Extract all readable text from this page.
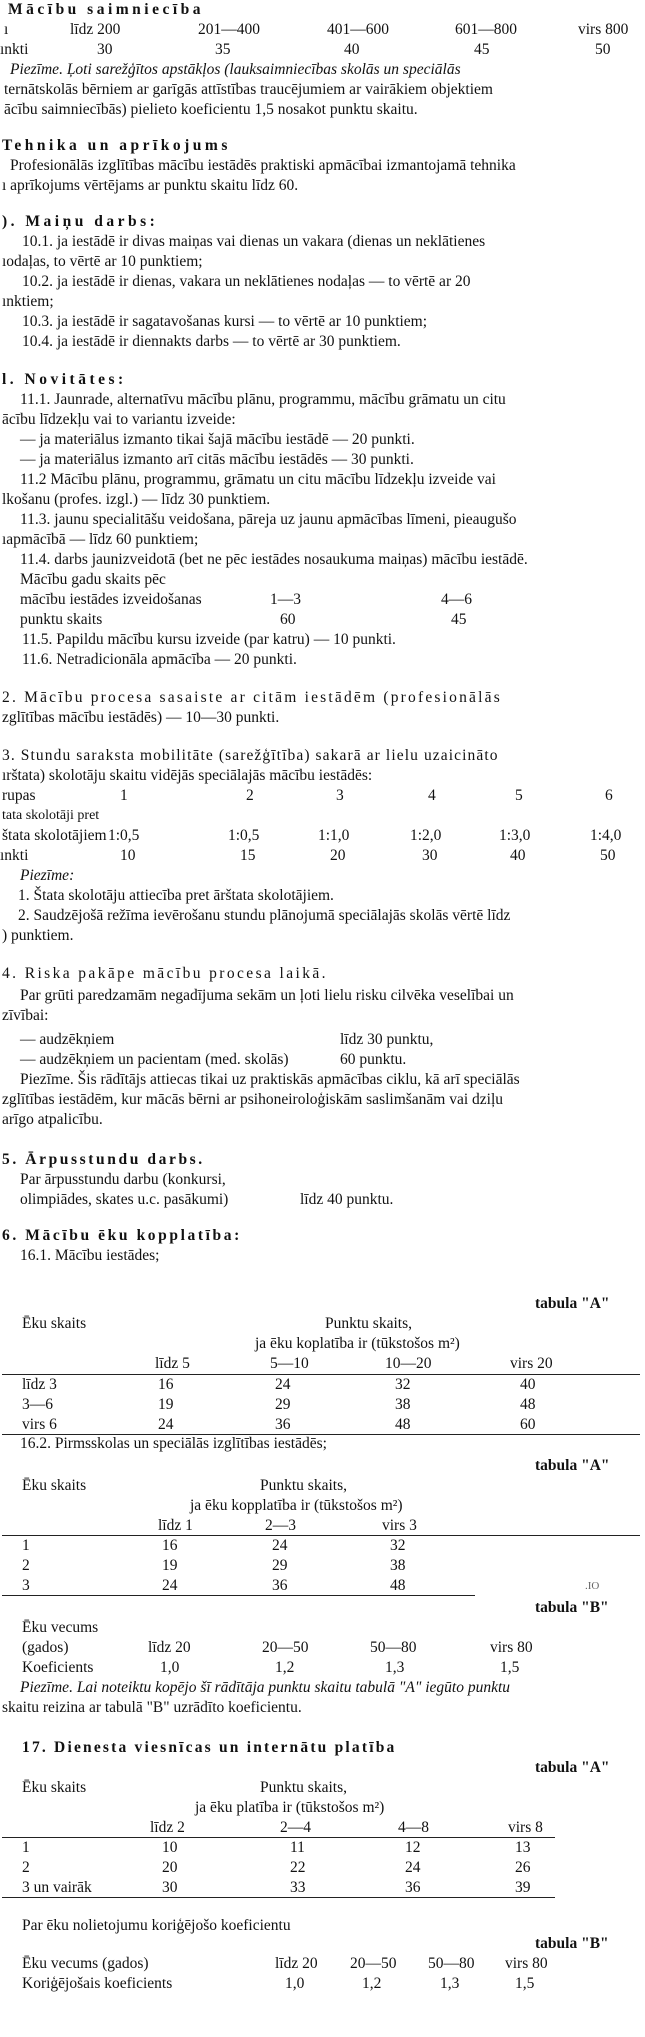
Mācību saimniecība
ı	līdz 200	201—400	401—600	601—800	virs 800
ınkti	30	35	40	45	50
Piezīme. Ļoti sarežģītos apstākļos (lauksaimniecības skolās un speciālās
ternātskolās bērniem ar garīgās attīstības traucējumiem ar vairākiem objektiem
ācību saimniecībās) pielieto koeficientu 1,5 nosakot punktu skaitu.
Tehnika un aprīkojums
Profesionālās izglītības mācību iestādēs praktiski apmācībai izmantojamā tehnika
ı aprīkojums vērtējams ar punktu skaitu līdz 60.
). Maiņu darbs:
10.1. ja iestādē ir divas maiņas vai dienas un vakara (dienas un neklātienes
ıodaļas, to vērtē ar 10 punktiem;
10.2. ja iestādē ir dienas, vakara un neklātienes nodaļas — to vērtē ar 20
ınktiem;
10.3. ja iestādē ir sagatavošanas kursi — to vērtē ar 10 punktiem;
10.4. ja iestādē ir diennakts darbs — to vērtē ar 30 punktiem.
l. Novitātes:
11.1. Jaunrade, alternatīvu mācību plānu, programmu, mācību grāmatu un citu
ācību līdzekļu vai to variantu izveide:
— ja materiālus izmanto tikai šajā mācību iestādē — 20 punkti.
— ja materiālus izmanto arī citās mācību iestādēs — 30 punkti.
11.2 Mācību plānu, programmu, grāmatu un citu mācību līdzekļu izveide vai
lkošanu (profes. izgl.) — līdz 30 punktiem.
11.3. jaunu specialitāšu veidošana, pāreja uz jaunu apmācības līmeni, pieaugušo
ıapmācībā — līdz 60 punktiem;
11.4. darbs jaunizveidotā (bet ne pēc iestādes nosaukuma maiņas) mācību iestādē.
Mācību gadu skaits pēc
mācību iestādes izveidošanas	1—3	4—6
punktu skaits	60	45
11.5. Papildu mācību kursu izveide (par katru) — 10 punkti.
11.6. Netradicionāla apmācība — 20 punkti.
2. Mācību procesa sasaiste ar citām iestādēm (profesionālās
zglītības mācību iestādēs) — 10—30 punkti.
3. Stundu saraksta mobilitāte (sarežģītība) sakarā ar lielu uzaicināto
ırštata) skolotāju skaitu vidējās speciālajās mācību iestādēs:
rupas	1	2	3	4	5	6
tata skolotāji pret
štata skolotājiem 1:0,5	1:0,5	1:1,0	1:2,0	1:3,0	1:4,0
ınkti	10	15	20	30	40	50
Piezīme:
1. Štata skolotāju attiecība pret ārštata skolotājiem.
2. Saudzējošā režīma ievērošanu stundu plānojumā speciālajās skolās vērtē līdz
) punktiem.
4. Riska pakāpe mācību procesa laikā.
Par grūti paredzamām negadījuma sekām un ļoti lielu risku cilvēka veselībai un
zīvībai:
— audzēkņiem	līdz 30 punktu,
— audzēkņiem un pacientam (med. skolās)	60 punktu.
Piezīme. Šis rādītājs attiecas tikai uz praktiskās apmācības ciklu, kā arī speciālās
zglītības iestādēm, kur mācās bērni ar psihoneiroloģiskām saslimšanām vai dziļu
arīgo atpalicību.
5. Ārpusstundu darbs.
Par ārpusstundu darbu (konkursi,
olimpiādes, skates u.c. pasākumi)	līdz 40 punktu.
6. Mācību ēku kopplatība:
16.1. Mācību iestādes;
tabula "A"
Ēku skaits	Punktu skaits,
ja ēku koplatība ir (tūkstošos m²)
līdz 5	5—10	10—20	virs 20
līdz 3	16	24	32	40
3—6	19	29	38	48
virs 6	24	36	48	60
16.2. Pirmsskolas un speciālās izglītības iestādēs;
tabula "A"
Ēku skaits	Punktu skaits,
ja ēku kopplatība ir (tūkstošos m²)
līdz 1	2—3	virs 3
1	16	24	32
2	19	29	38
3	24	36	48	.IO
tabula "B"
Ēku vecums
(gados)	līdz 20	20—50	50—80	virs 80
Koeficients	1,0	1,2	1,3	1,5
Piezīme. Lai noteiktu kopējo šī rādītāja punktu skaitu tabulā "A" iegūto punktu
skaitu reizina ar tabulā "B" uzrādīto koeficientu.
17. Dienesta viesnīcas un internātu platība
tabula "A"
Ēku skaits	Punktu skaits,
ja ēku platība ir (tūkstošos m²)
līdz 2	2—4	4—8	virs 8
1	10	11	12	13
2	20	22	24	26
3 un vairāk	30	33	36	39
Par ēku nolietojumu koriģējošo koeficientu
tabula "B"
Ēku vecums (gados)	līdz 20 20—50 50—80 virs 80
Koriģējošais koeficients	1,0	1,2	1,3	1,5
